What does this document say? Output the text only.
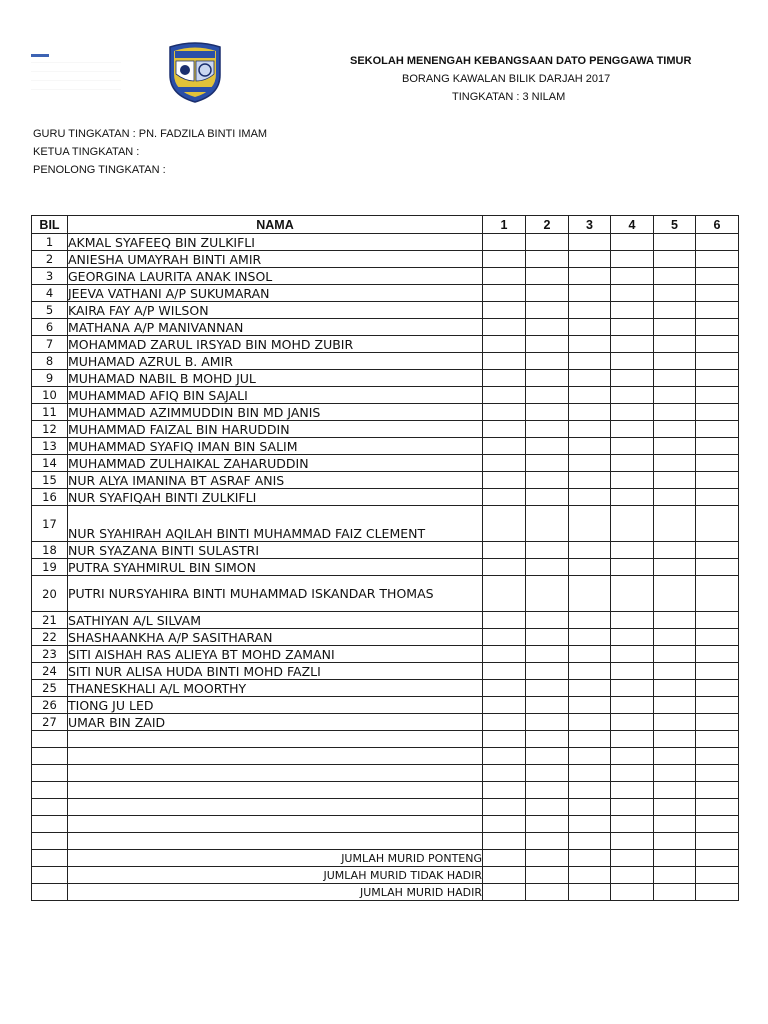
SEKOLAH MENENGAH KEBANGSAAN DATO PENGGAWA TIMUR
BORANG KAWALAN BILIK DARJAH 2017
TINGKATAN : 3 NILAM
GURU TINGKATAN : PN. FADZILA BINTI IMAM
KETUA TINGKATAN :
PENOLONG TINGKATAN :
BIL	NAMA	1	2	3	4	5	6
1	AKMAL SYAFEEQ BIN ZULKIFLI						
2	ANIESHA UMAYRAH BINTI AMIR						
3	GEORGINA LAURITA ANAK INSOL						
4	JEEVA VATHANI A/P SUKUMARAN						
5	KAIRA FAY A/P WILSON						
6	MATHANA A/P MANIVANNAN						
7	MOHAMMAD ZARUL IRSYAD BIN MOHD ZUBIR						
8	MUHAMAD AZRUL B. AMIR						
9	MUHAMAD NABIL B MOHD JUL						
10	MUHAMMAD AFIQ BIN SAJALI						
11	MUHAMMAD AZIMMUDDIN BIN MD JANIS						
12	MUHAMMAD FAIZAL BIN HARUDDIN						
13	MUHAMMAD SYAFIQ IMAN BIN SALIM						
14	MUHAMMAD ZULHAIKAL ZAHARUDDIN						
15	NUR ALYA IMANINA BT ASRAF ANIS						
16	NUR SYAFIQAH BINTI ZULKIFLI						
17	NUR SYAHIRAH AQILAH BINTI MUHAMMAD FAIZ CLEMENT						
18	NUR SYAZANA BINTI SULASTRI						
19	PUTRA SYAHMIRUL BIN SIMON						
20	PUTRI NURSYAHIRA BINTI MUHAMMAD ISKANDAR THOMAS						
21	SATHIYAN A/L SILVAM						
22	SHASHAANKHA A/P SASITHARAN						
23	SITI AISHAH RAS ALIEYA BT MOHD ZAMANI						
24	SITI NUR ALISA HUDA BINTI MOHD FAZLI						
25	THANESKHALI A/L MOORTHY						
26	TIONG JU LED						
27	UMAR BIN ZAID						

	JUMLAH MURID PONTENG						
	JUMLAH MURID TIDAK HADIR						
	JUMLAH MURID HADIR						
